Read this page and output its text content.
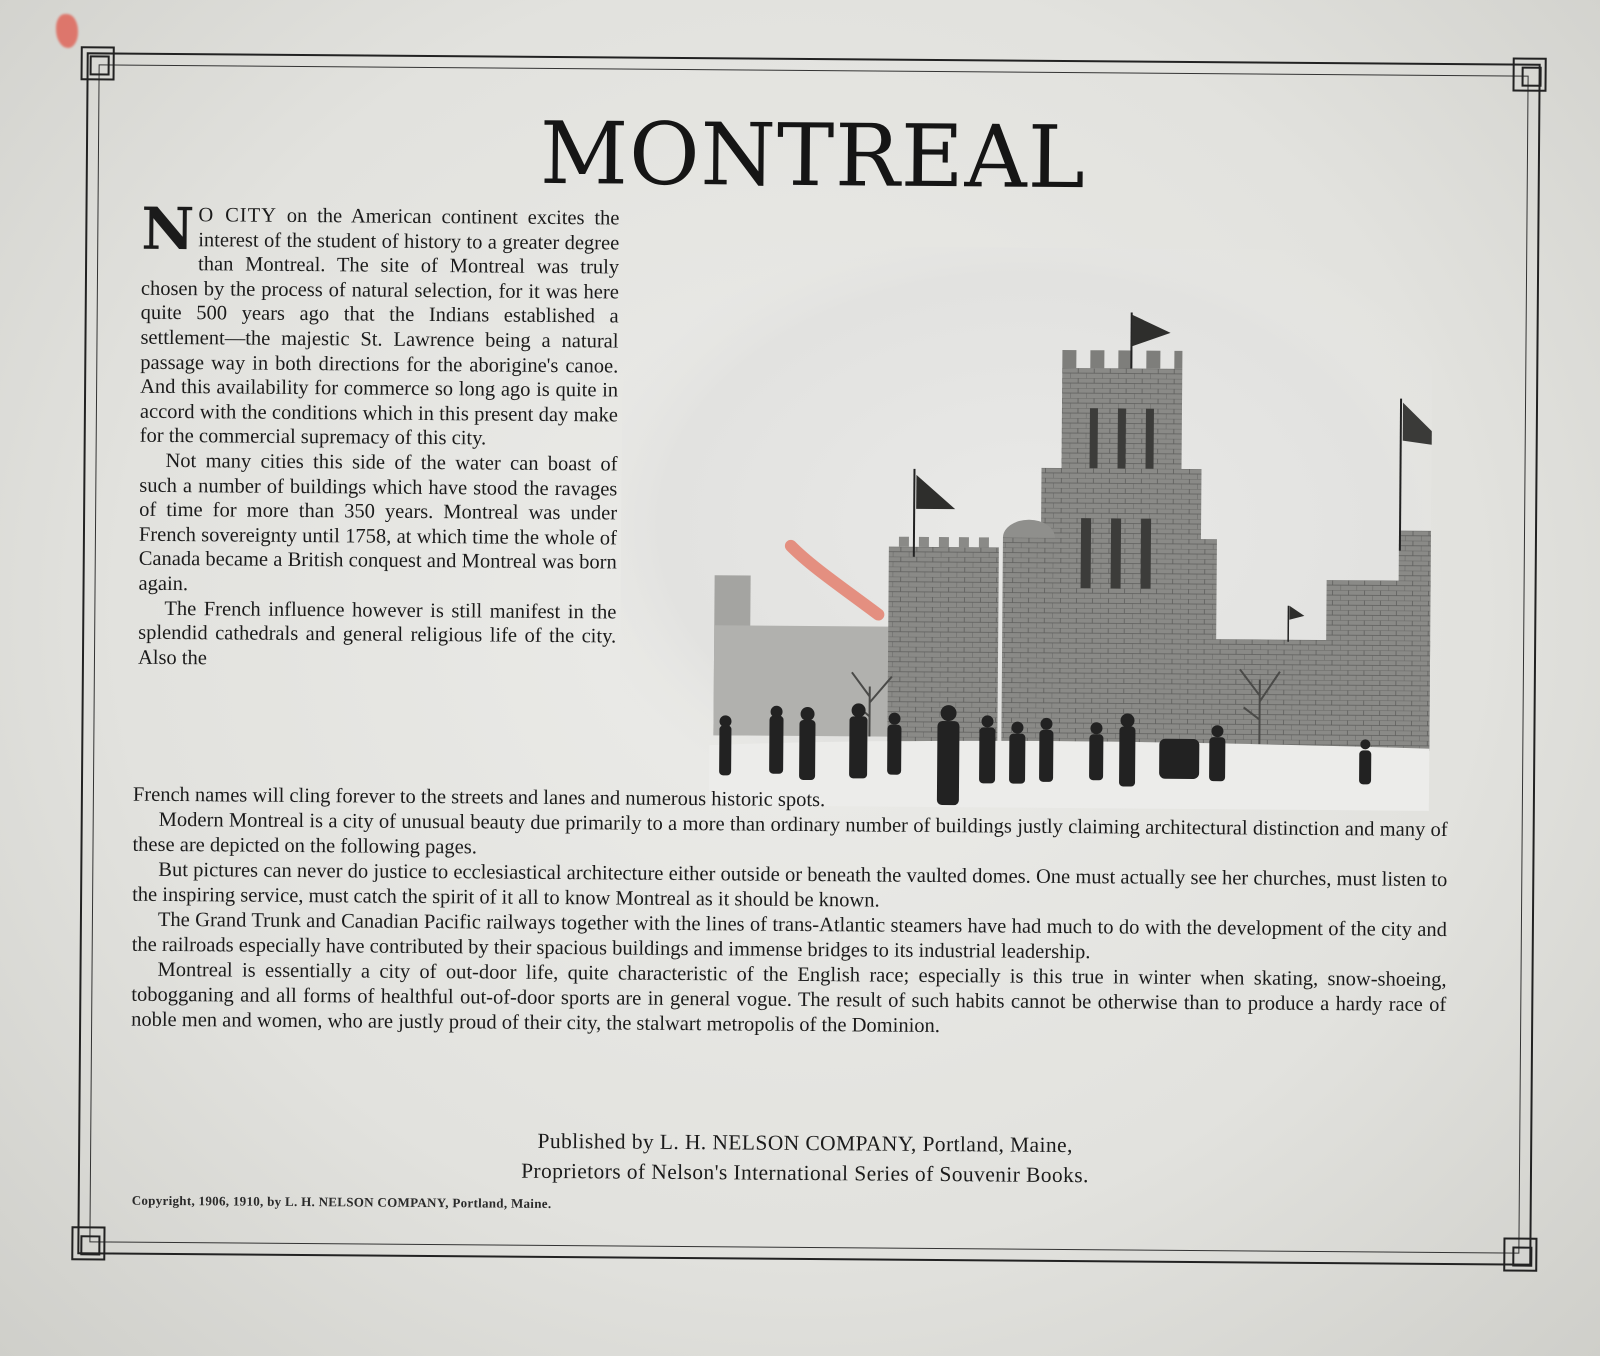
MONTREAL

N O CITY on the American continent excites the interest of the student of history to a greater degree than Montreal. The site of Montreal was truly chosen by the process of natural selection, for it was here quite 500 years ago that the Indians established a settlement—the majestic St. Lawrence being a natural passage way in both directions for the aborigine's canoe. And this availability for commerce so long ago is quite in accord with the conditions which in this present day make for the commercial supremacy of this city.

Not many cities this side of the water can boast of such a number of buildings which have stood the ravages of time for more than 350 years. Montreal was under French sovereignty until 1758, at which time the whole of Canada became a British conquest and Montreal was born again.

The French influence however is still manifest in the splendid cathedrals and general religious life of the city. Also the

French names will cling forever to the streets and lanes and numerous historic spots.

Modern Montreal is a city of unusual beauty due primarily to a more than ordinary number of buildings justly claiming architectural distinction and many of these are depicted on the following pages.

But pictures can never do justice to ecclesiastical architecture either outside or beneath the vaulted domes. One must actually see her churches, must listen to the inspiring service, must catch the spirit of it all to know Montreal as it should be known.

The Grand Trunk and Canadian Pacific railways together with the lines of trans-Atlantic steamers have had much to do with the development of the city and the railroads especially have contributed by their spacious buildings and immense bridges to its industrial leadership.

Montreal is essentially a city of out-door life, quite characteristic of the English race; especially is this true in winter when skating, snow-shoeing, tobogganing and all forms of healthful out-of-door sports are in general vogue. The result of such habits cannot be otherwise than to produce a hardy race of noble men and women, who are justly proud of their city, the stalwart metropolis of the Dominion.

Published by L. H. NELSON COMPANY, Portland, Maine,
Proprietors of Nelson's International Series of Souvenir Books.
Copyright, 1906, 1910, by L. H. NELSON COMPANY, Portland, Maine.
